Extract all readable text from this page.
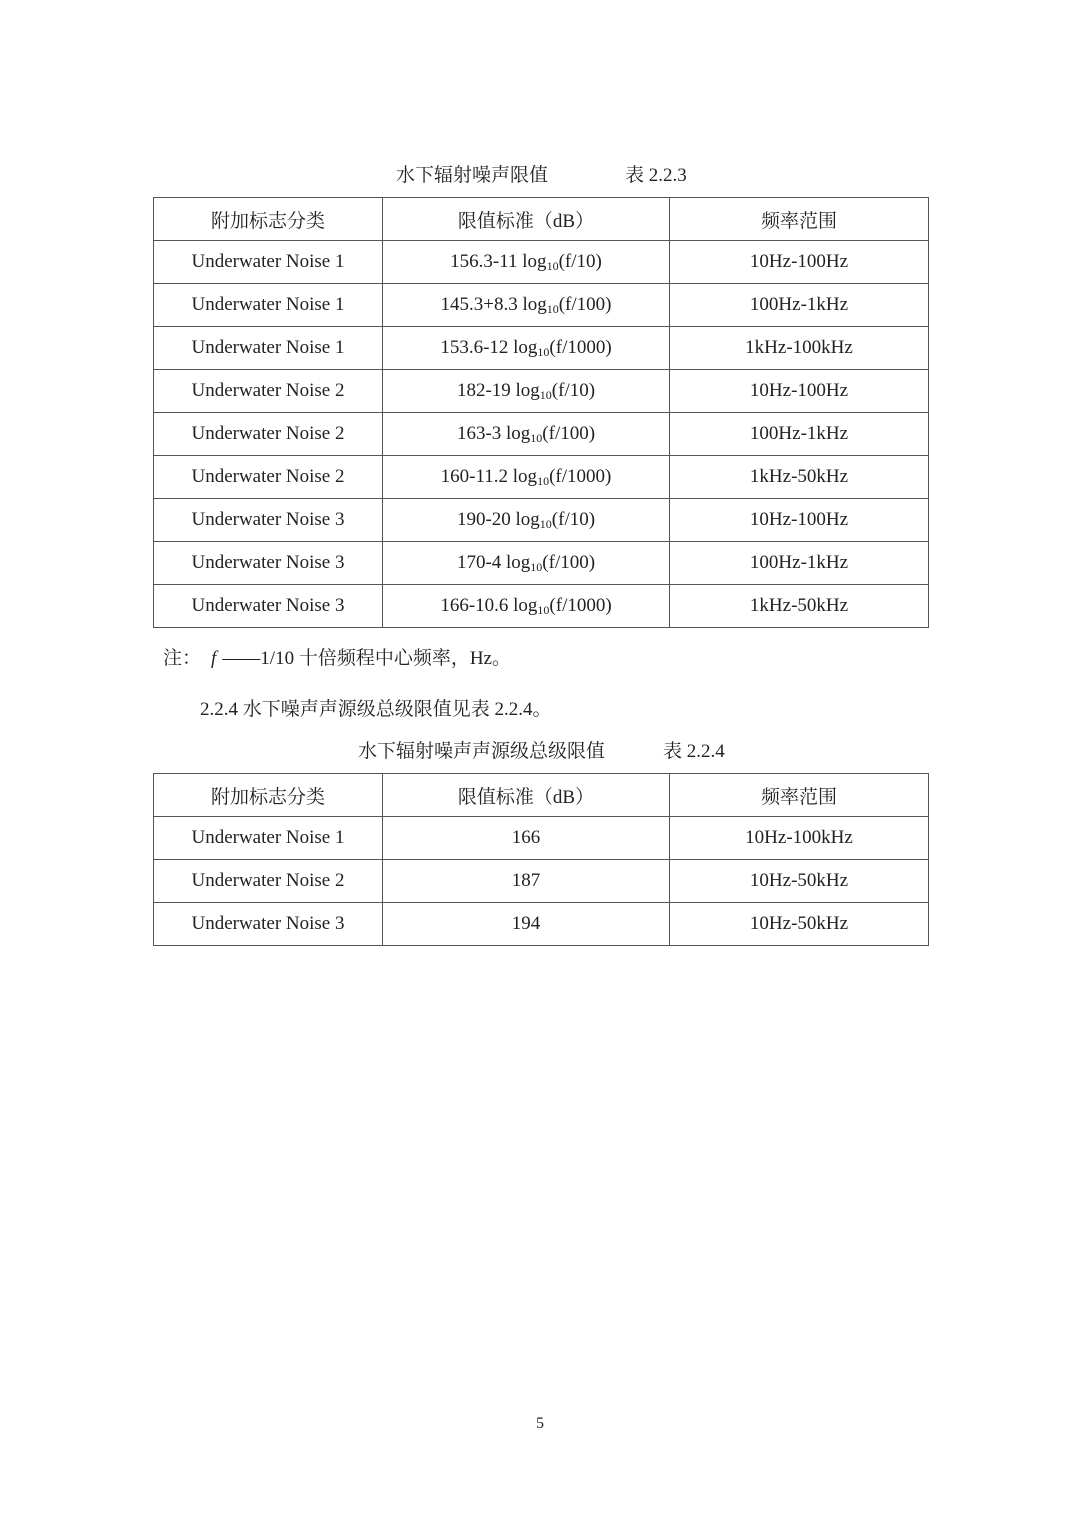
水下辐射噪声限值	表 2.2.3
附加标志分类	限值标准（dB）	频率范围
Underwater Noise 1	156.3-11 $\log_{10}(f/10)$	10Hz-100Hz
Underwater Noise 1	145.3+8.3 $\log_{10}(f/100)$	100Hz-1kHz
Underwater Noise 1	153.6-12 $\log_{10}(f/1000)$	1kHz-100kHz
Underwater Noise 2	182-19 $\log_{10}(f/10)$	10Hz-100Hz
Underwater Noise 2	163-3 $\log_{10}(f/100)$	100Hz-1kHz
Underwater Noise 2	160-11.2 $\log_{10}(f/1000)$	1kHz-50kHz
Underwater Noise 3	190-20 $\log_{10}(f/10)$	10Hz-100Hz
Underwater Noise 3	170-4 $\log_{10}(f/100)$	100Hz-1kHz
Underwater Noise 3	166-10.6 $\log_{10}(f/1000)$	1kHz-50kHz
注： f ——1/10 十倍频程中心频率，Hz。
2.2.4 水下噪声声源级总级限值见表 2.2.4。
水下辐射噪声声源级总级限值	表 2.2.4
附加标志分类	限值标准（dB）	频率范围
Underwater Noise 1	166	10Hz-100kHz
Underwater Noise 2	187	10Hz-50kHz
Underwater Noise 3	194	10Hz-50kHz
5
